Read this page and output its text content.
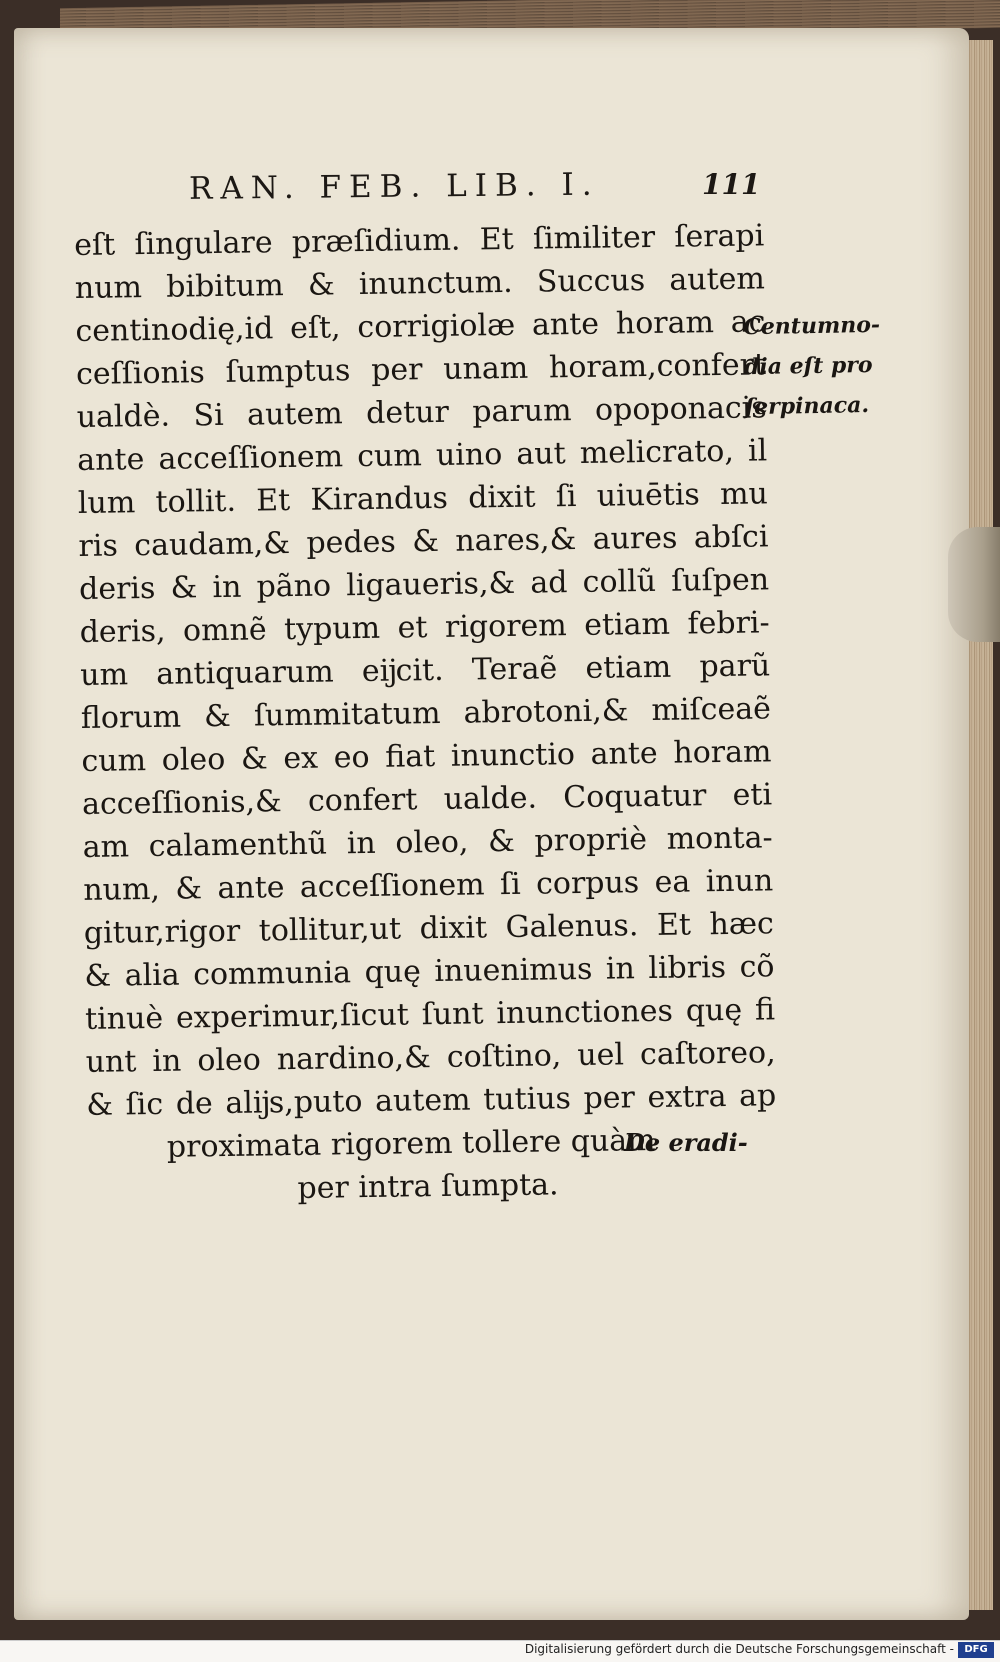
RAN. FEB. LIB. I.	111
eſt ſingulare præſidium. Et ſimiliter ſerapi
num bibitum & inunctum. Succus autem
centinodię,id eſt, corrigiolæ ante horam ac
ceſſionis ſumptus per unam horam,confert
ualdè. Si autem detur parum opoponacis
ante acceſſionem cum uino aut melicrato, il
lum tollit. Et Kirandus dixit ſi uiuētis mu
ris caudam,& pedes & nares,& aures abſci
deris & in pãno ligaueris,& ad collũ ſuſpen
deris, omnẽ typum et rigorem etiam febri-
um antiquarum eĳcit. Teraẽ etiam parũ
florum & ſummitatum abrotoni,& miſceaẽ
cum oleo & ex eo fiat inunctio ante horam
acceſſionis,& confert ualde. Coquatur eti
am calamenthũ in oleo, & propriè monta-
num, & ante acceſſionem ſi corpus ea inun
gitur,rigor tollitur,ut dixit Galenus. Et hæc
& alia communia quę inuenimus in libris cõ
tinuè experimur,ſicut ſunt inunctiones quę fi
unt in oleo nardino,& coſtino, uel caſtoreo,
& ſic de alĳs,puto autem tutius per extra ap
proximata rigorem tollere quàm
per intra ſumpta.
Centumno-
dia eſt pro
ſerpinaca.
De eradi-
Digitalisierung gefördert durch die Deutsche Forschungsgemeinschaft -	DFG
